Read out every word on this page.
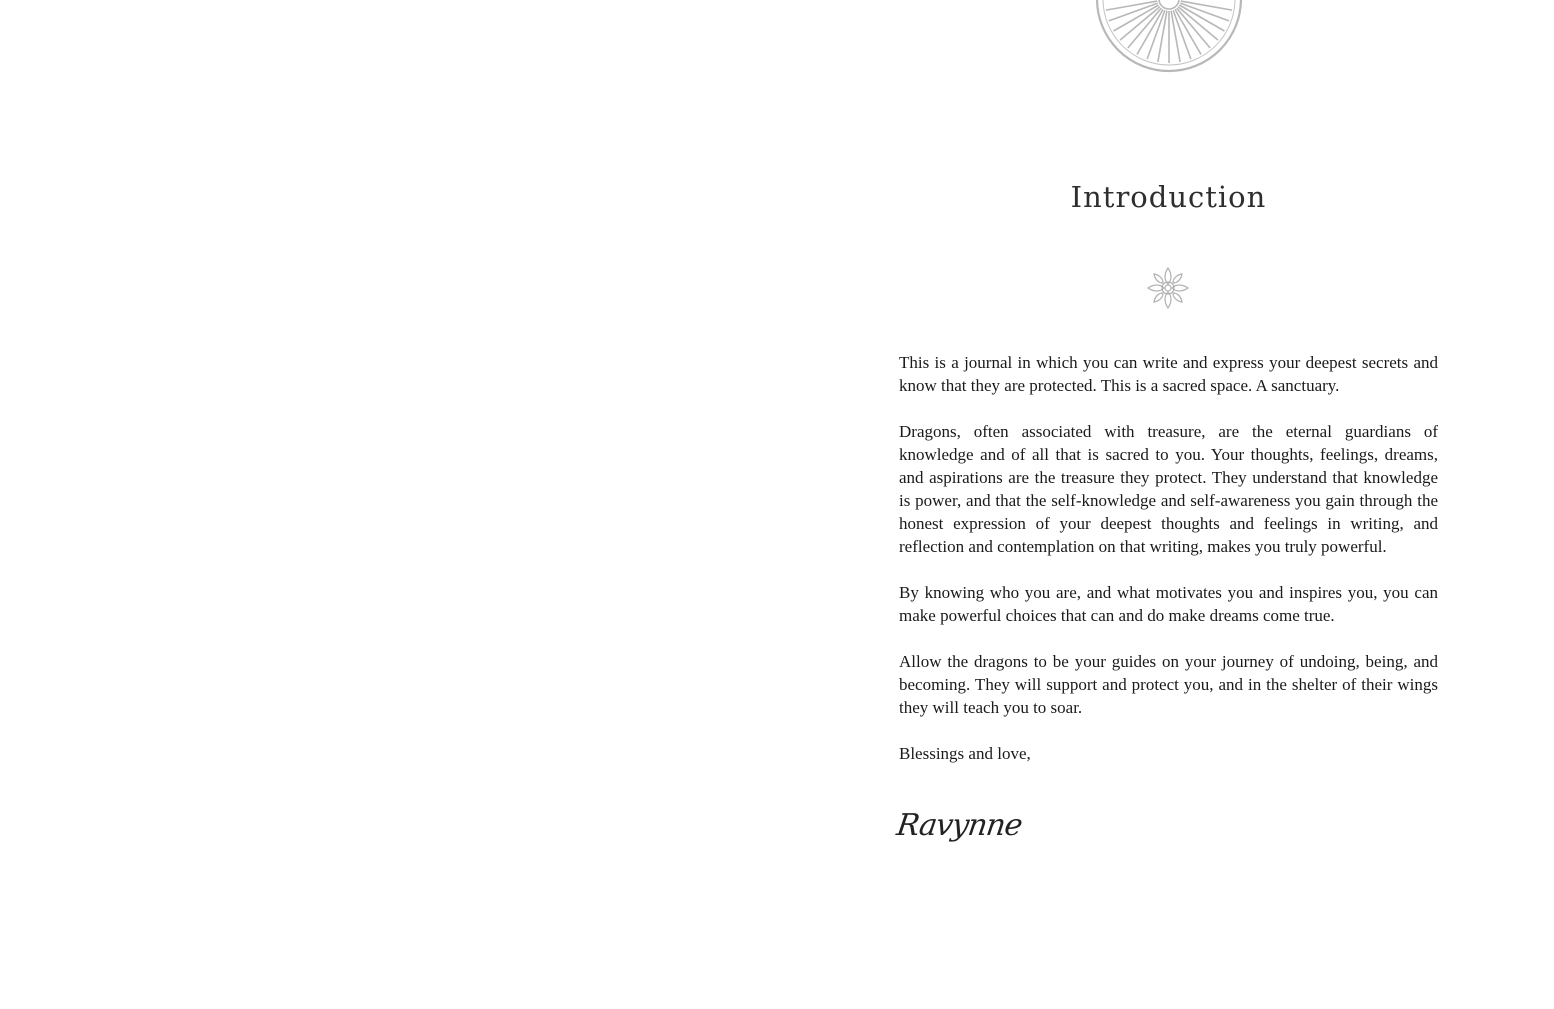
Introduction

This is a journal in which you can write and express your deepest secrets and know that they are protected. This is a sacred space. A sanctuary.

Dragons, often associated with treasure, are the eternal guardians of knowledge and of all that is sacred to you. Your thoughts, feelings, dreams, and aspirations are the treasure they protect. They understand that knowledge is power, and that the self-knowledge and self-awareness you gain through the honest expression of your deepest thoughts and feelings in writing, and reflection and contemplation on that writing, makes you truly powerful.

By knowing who you are, and what motivates you and inspires you, you can make powerful choices that can and do make dreams come true.

Allow the dragons to be your guides on your journey of undoing, being, and becoming. They will support and protect you, and in the shelter of their wings they will teach you to soar.

Blessings and love,

Ravynne
